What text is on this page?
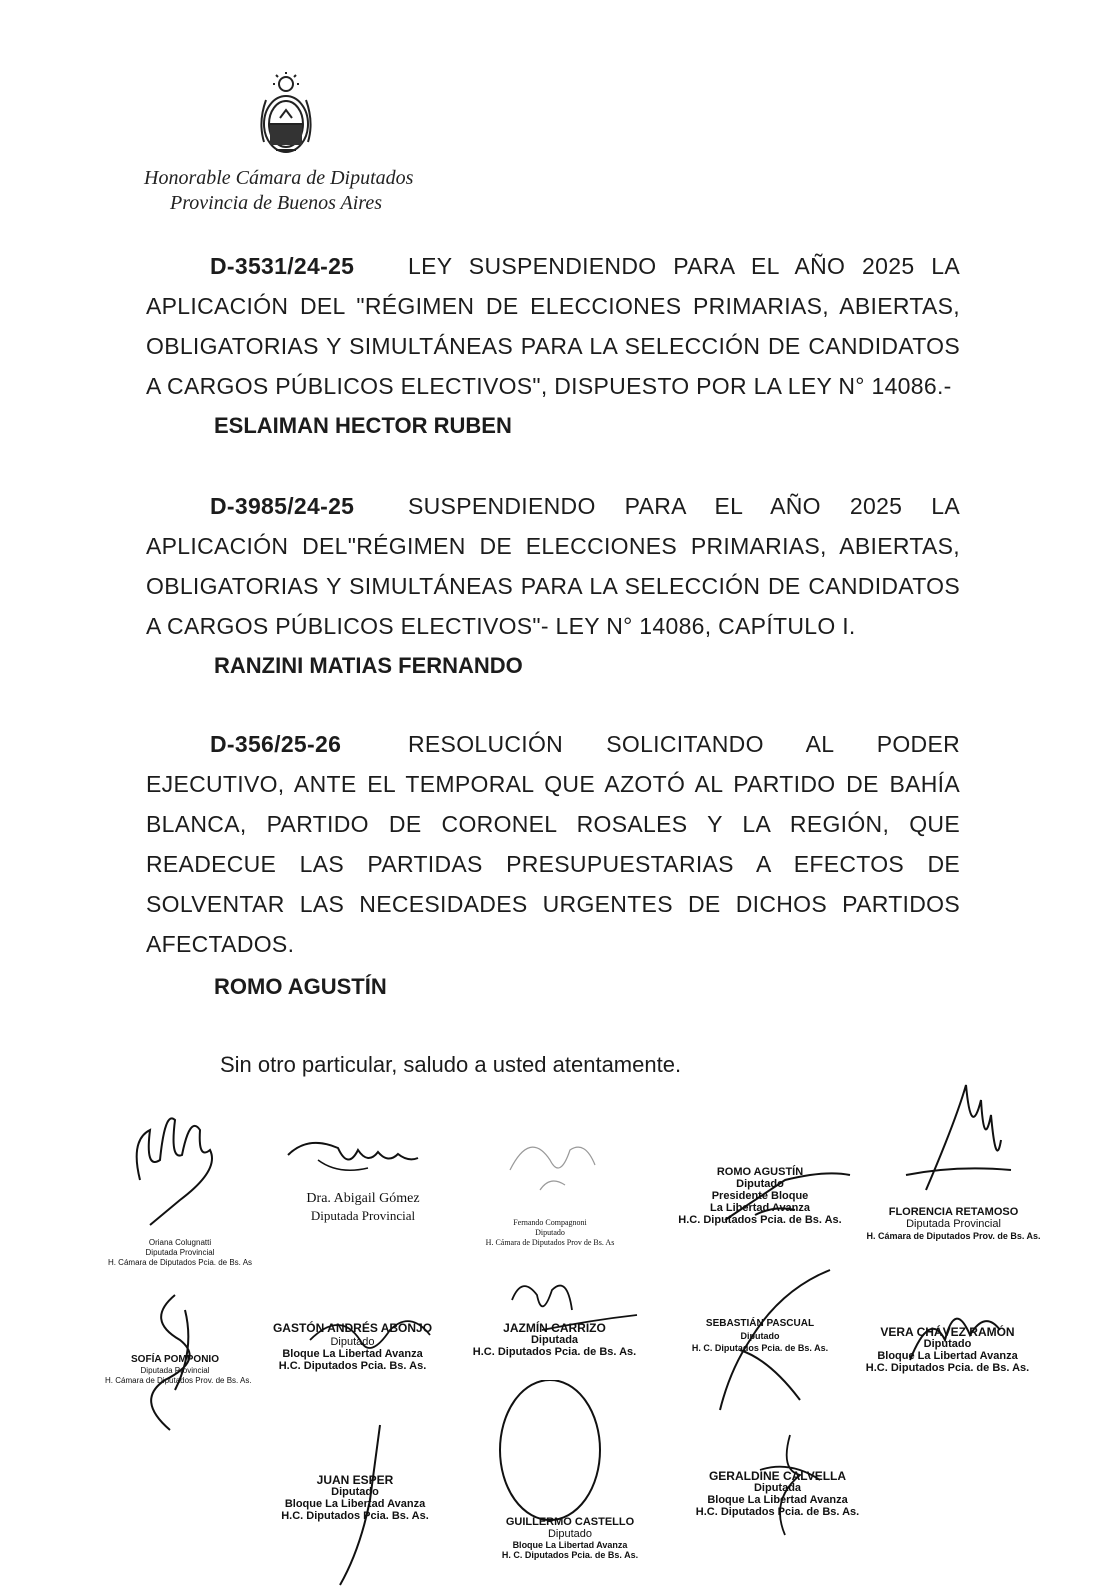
Honorable Cámara de Diputados
Provincia de Buenos Aires

D-3531/24-25	LEY SUSPENDIENDO PARA EL AÑO 2025 LA

APLICACIÓN DEL "RÉGIMEN DE ELECCIONES PRIMARIAS, ABIERTAS, OBLIGATORIAS Y SIMULTÁNEAS PARA LA SELECCIÓN DE CANDIDATOS A CARGOS PÚBLICOS ELECTIVOS", DISPUESTO POR LA LEY N° 14086.-

ESLAIMAN HECTOR RUBEN

D-3985/24-25	SUSPENDIENDO PARA EL AÑO 2025 LA

APLICACIÓN DEL"RÉGIMEN DE ELECCIONES PRIMARIAS, ABIERTAS, OBLIGATORIAS Y SIMULTÁNEAS PARA LA SELECCIÓN DE CANDIDATOS A CARGOS PÚBLICOS ELECTIVOS"- LEY N° 14086, CAPÍTULO I.

RANZINI MATIAS FERNANDO

D-356/25-26	RESOLUCIÓN SOLICITANDO AL PODER

EJECUTIVO, ANTE EL TEMPORAL QUE AZOTÓ AL PARTIDO DE BAHÍA BLANCA, PARTIDO DE CORONEL ROSALES Y LA REGIÓN, QUE READECUE LAS PARTIDAS PRESUPUESTARIAS A EFECTOS DE SOLVENTAR LAS NECESIDADES URGENTES DE DICHOS PARTIDOS AFECTADOS.

ROMO AGUSTÍN
Sin otro particular, saludo a usted atentamente.
Oriana Colugnatti
Diputada Provincial
H. Cámara de Diputados Pcia. de Bs. As
Dra. Abigail Gómez
Diputada Provincial	Fernando Compagnoni
Diputado
H. Cámara de Diputados Prov de Bs. As
ROMO AGUSTÍN
Diputado
Presidente Bloque
La Libertad Avanza
H.C. Diputados Pcia. de Bs. As.
FLORENCIA RETAMOSO
Diputada Provincial
H. Cámara de Diputados Prov. de Bs. As.
SOFÍA POMPONIO
Diputada Provincial
H. Cámara de Diputados Prov. de Bs. As.
GASTÓN ANDRÉS ABONJO
Diputado
Bloque La Libertad Avanza
H.C. Diputados Pcia. Bs. As.
JAZMÍN CARRIZO
Diputada
H.C. Diputados Pcia. de Bs. As.
SEBASTIÁN PASCUAL
Diputado
H. C. Diputados Pcia. de Bs. As.
VERA CHÁVEZ RAMÓN
Diputado
Bloque La Libertad Avanza
H.C. Diputados Pcia. de Bs. As.
JUAN ESPER
Diputado
Bloque La Libertad Avanza
H.C. Diputados Pcia. Bs. As.	GUILLERMO CASTELLO
Diputado
Bloque La Libertad Avanza
H. C. Diputados Pcia. de Bs. As.
GERALDINE CALVELLA
Diputada
Bloque La Libertad Avanza
H.C. Diputados Pcia. de Bs. As.
